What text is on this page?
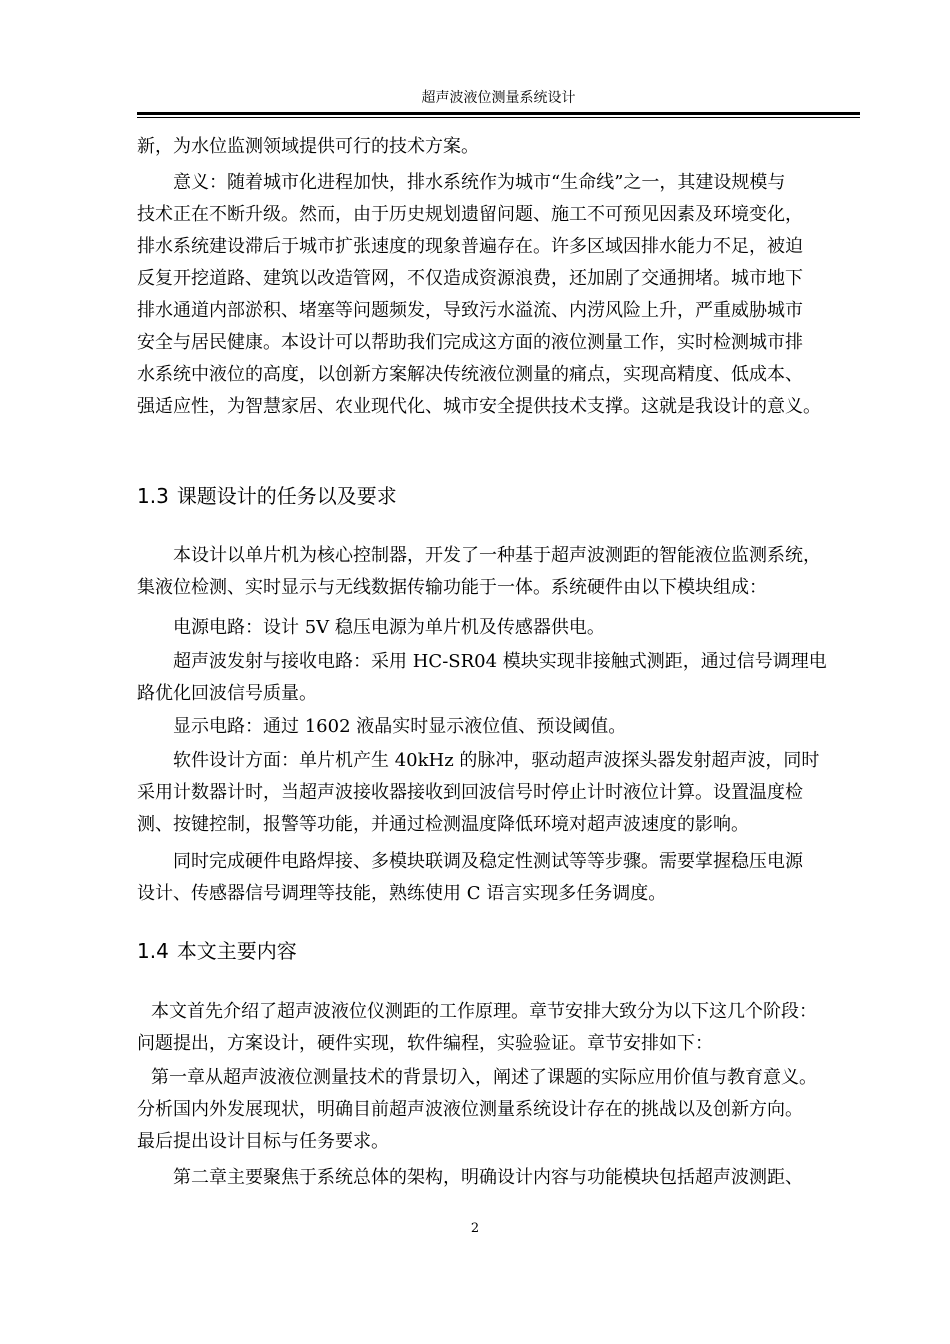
超声波液位测量系统设计
新，为水位监测领域提供可行的技术方案。
意义：随着城市化进程加快，排水系统作为城市“生命线”之一，其建设规模与
技术正在不断升级。然而，由于历史规划遗留问题、施工不可预见因素及环境变化，
排水系统建设滞后于城市扩张速度的现象普遍存在。许多区域因排水能力不足，被迫
反复开挖道路、建筑以改造管网，不仅造成资源浪费，还加剧了交通拥堵。城市地下
排水通道内部淤积、堵塞等问题频发，导致污水溢流、内涝风险上升，严重威胁城市
安全与居民健康。本设计可以帮助我们完成这方面的液位测量工作，实时检测城市排
水系统中液位的高度，以创新方案解决传统液位测量的痛点，实现高精度、低成本、
强适应性，为智慧家居、农业现代化、城市安全提供技术支撑。这就是我设计的意义。
1.3 课题设计的任务以及要求
本设计以单片机为核心控制器，开发了一种基于超声波测距的智能液位监测系统，
集液位检测、实时显示与无线数据传输功能于一体。系统硬件由以下模块组成：
电源电路：设计 5V 稳压电源为单片机及传感器供电。
超声波发射与接收电路：采用 HC-SR04 模块实现非接触式测距，通过信号调理电
路优化回波信号质量。
显示电路：通过 1602 液晶实时显示液位值、预设阈值。
软件设计方面：单片机产生 40kHz 的脉冲，驱动超声波探头器发射超声波，同时
采用计数器计时，当超声波接收器接收到回波信号时停止计时液位计算。设置温度检
测、按键控制，报警等功能，并通过检测温度降低环境对超声波速度的影响。
同时完成硬件电路焊接、多模块联调及稳定性测试等等步骤。需要掌握稳压电源
设计、传感器信号调理等技能，熟练使用 C 语言实现多任务调度。
1.4 本文主要内容
本文首先介绍了超声波液位仪测距的工作原理。章节安排大致分为以下这几个阶段：
问题提出，方案设计，硬件实现，软件编程，实验验证。章节安排如下：
第一章从超声波液位测量技术的背景切入，阐述了课题的实际应用价值与教育意义。
分析国内外发展现状，明确目前超声波液位测量系统设计存在的挑战以及创新方向。
最后提出设计目标与任务要求。
第二章主要聚焦于系统总体的架构，明确设计内容与功能模块包括超声波测距、
2
